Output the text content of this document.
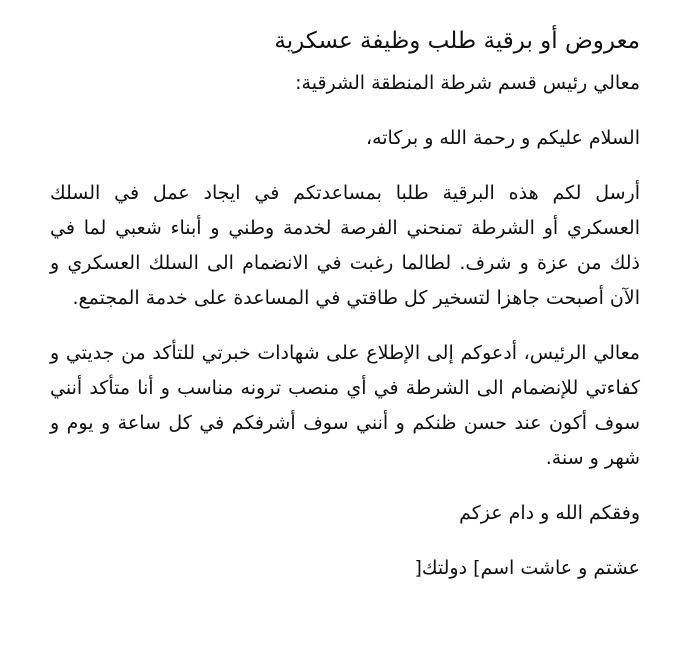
معروض أو برقية طلب وظيفة عسكرية

معالي رئيس قسم شرطة المنطقة الشرقية:

السلام عليكم و رحمة الله و بركاته،

أرسل لكم هذه البرقية طلبا بمساعدتكم في ايجاد عمل في السلك العسكري أو الشرطة تمنحني الفرصة لخدمة وطني و أبناء شعبي لما في ذلك من عزة و شرف. لطالما رغبت في الانضمام الى السلك العسكري و الآن أصبحت جاهزا لتسخير كل طاقتي في المساعدة على خدمة المجتمع.

معالي الرئيس، أدعوكم إلى الإطلاع على شهادات خبرتي للتأكد من جديتي و كفاءتي للإنضمام الى الشرطة في أي منصب ترونه مناسب و أنا متأكد أنني سوف أكون عند حسن ظنكم و أنني سوف أشرفكم في كل ساعة و يوم و شهر و سنة.

وفقكم الله و دام عزكم

عشتم و عاشت اسم] دولتك[
